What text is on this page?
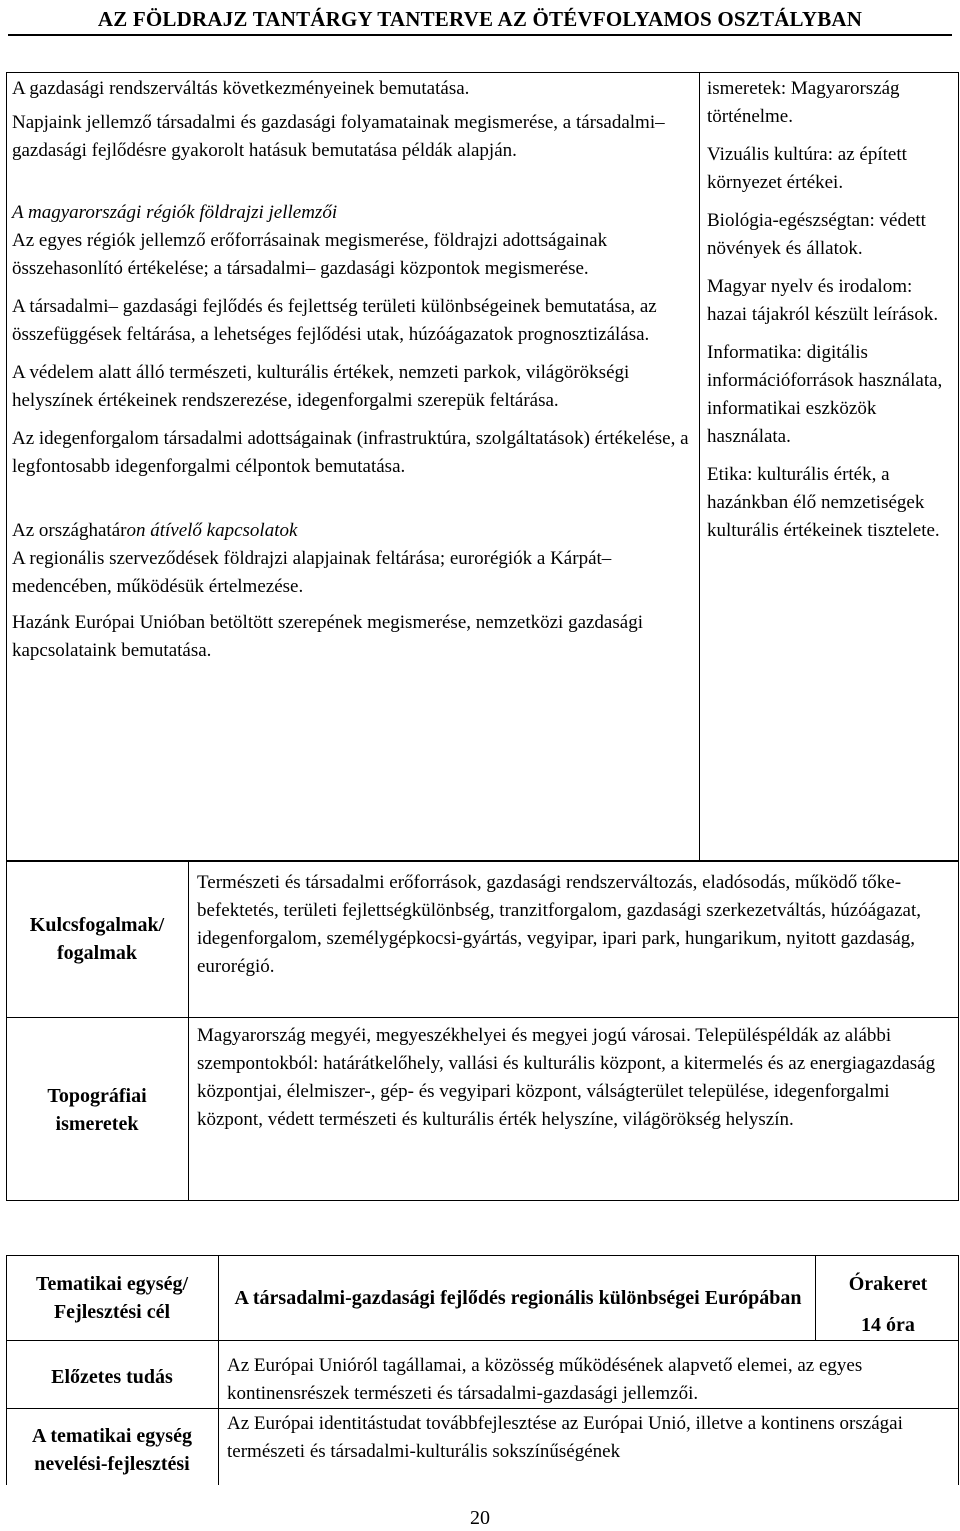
AZ FÖLDRAJZ TANTÁRGY TANTERVE AZ ÖTÉVFOLYAMOS OSZTÁLYBAN

A gazdasági rendszerváltás következményeinek bemutatása.

Napjaink jellemző társadalmi és gazdasági folyamatainak megismerése, a társadalmi– gazdasági fejlődésre gyakorolt hatásuk bemutatása példák alapján.

A magyarországi régiók földrajzi jellemzői

Az egyes régiók jellemző erőforrásainak megismerése, földrajzi adottságainak összehasonlító értékelése; a társadalmi– gazdasági központok megismerése.

A társadalmi– gazdasági fejlődés és fejlettség területi különbségeinek bemutatása, az összefüggések feltárása, a lehetséges fejlődési utak, húzóágazatok prognosztizálása.

A védelem alatt álló természeti, kulturális értékek, nemzeti parkok, világörökségi helyszínek értékeinek rendszerezése, idegenforgalmi szerepük feltárása.

Az idegenforgalom társadalmi adottságainak (infrastruktúra, szolgáltatások) értékelése, a legfontosabb idegenforgalmi célpontok bemutatása.

Az országhatáron átívelő kapcsolatok

A regionális szerveződések földrajzi alapjainak feltárása; eurorégiók a Kárpát– medencében, működésük értelmezése.

Hazánk Európai Unióban betöltött szerepének megismerése, nemzetközi gazdasági kapcsolataink bemutatása.

ismeretek: Magyarország történelme.

Vizuális kultúra: az épített környezet értékei.

Biológia-egészségtan: védett növények és állatok.

Magyar nyelv és irodalom: hazai tájakról készült leírások.

Informatika: digitális információforrások használata, informatikai eszközök használata.

Etika: kulturális érték, a hazánkban élő nemzetiségek kulturális értékeinek tisztelete.

Kulcsfogalmak/ fogalmak

Természeti és társadalmi erőforrások, gazdasági rendszerváltozás, eladósodás, működő tőke-befektetés, területi fejlettségkülönbség, tranzitforgalom, gazdasági szerkezetváltás, húzóágazat, idegenforgalom, személygépkocsi-gyártás, vegyipar, ipari park, hungarikum, nyitott gazdaság, eurorégió.

Topográfiai ismeretek

Magyarország megyéi, megyeszékhelyei és megyei jogú városai. Településpéldák az alábbi szempontokból: határátkelőhely, vallási és kulturális központ, a kitermelés és az energiagazdaság központjai, élelmiszer-, gép- és vegyipari központ, válságterület települése, idegenforgalmi központ, védett természeti és kulturális érték helyszíne, világörökség helyszín.

Tematikai egység/ Fejlesztési cél
A társadalmi-gazdasági fejlődés regionális különbségei Európában
Órakeret
14 óra
Előzetes tudás

Az Európai Unióról tagállamai, a közösség működésének alapvető elemei, az egyes kontinensrészek természeti és társadalmi-gazdasági jellemzői.

A tematikai egység nevelési-fejlesztési

Az Európai identitástudat továbbfejlesztése az Európai Unió, illetve a kontinens országai természeti és társadalmi-kulturális sokszínűségének

20
